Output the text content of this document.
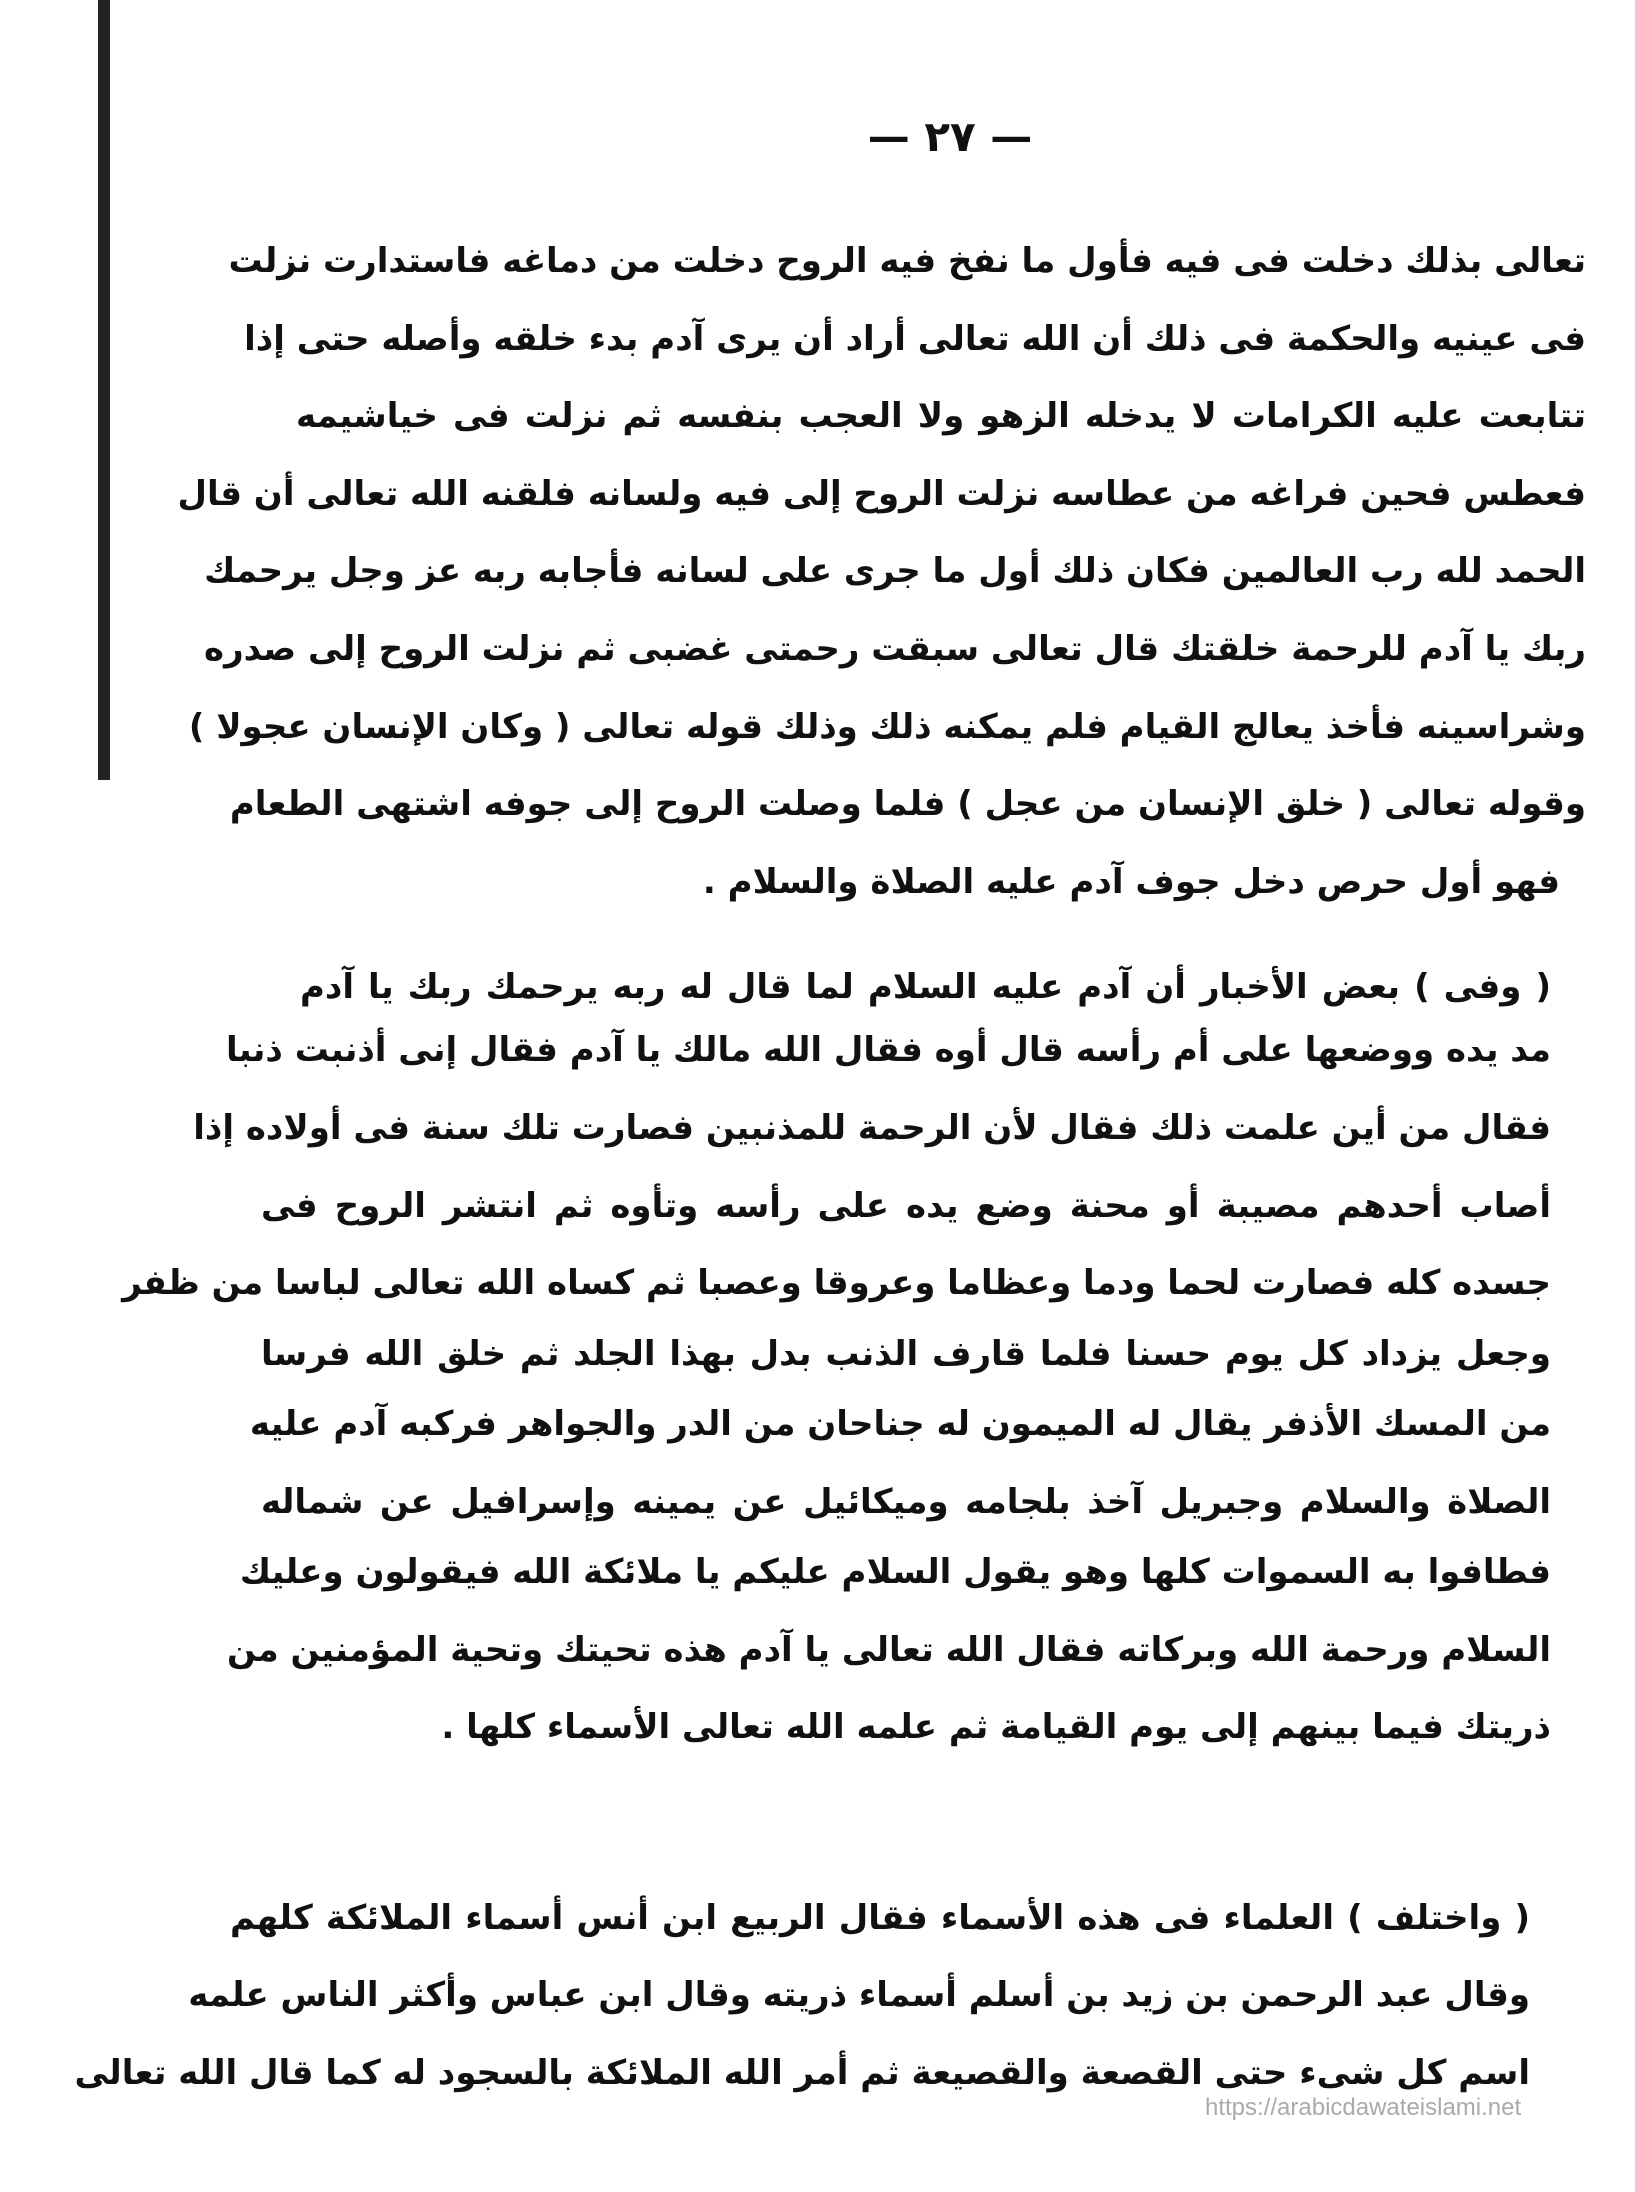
— ٢٧ —
تعالى بذلك دخلت فى فيه فأول ما نفخ فيه الروح دخلت من دماغه فاستدارت نزلت
فى عينيه والحكمة فى ذلك أن الله تعالى أراد أن يرى آدم بدء خلقه وأصله حتى إذا
تتابعت عليه الكرامات لا يدخله الزهو ولا العجب بنفسه ثم نزلت فى خياشيمه
فعطس فحين فراغه من عطاسه نزلت الروح إلى فيه ولسانه فلقنه الله تعالى أن قال
الحمد لله رب العالمين فكان ذلك أول ما جرى على لسانه فأجابه ربه عز وجل يرحمك
ربك يا آدم للرحمة خلقتك قال تعالى سبقت رحمتى غضبى ثم نزلت الروح إلى صدره
وشراسينه فأخذ يعالج القيام فلم يمكنه ذلك وذلك قوله تعالى ( وكان الإنسان عجولا )
وقوله تعالى ( خلق الإنسان من عجل ) فلما وصلت الروح إلى جوفه اشتهى الطعام
فهو أول حرص دخل جوف آدم عليه الصلاة والسلام .
( وفى ) بعض الأخبار أن آدم عليه السلام لما قال له ربه يرحمك ربك يا آدم
مد يده ووضعها على أم رأسه قال أوه فقال الله مالك يا آدم فقال إنى أذنبت ذنبا
فقال من أين علمت ذلك فقال لأن الرحمة للمذنبين فصارت تلك سنة فى أولاده إذا
أصاب أحدهم مصيبة أو محنة وضع يده على رأسه وتأوه ثم انتشر الروح فى
جسده كله فصارت لحما ودما وعظاما وعروقا وعصبا ثم كساه الله تعالى لباسا من ظفر
وجعل يزداد كل يوم حسنا فلما قارف الذنب بدل بهذا الجلد ثم خلق الله فرسا
من المسك الأذفر يقال له الميمون له جناحان من الدر والجواهر فركبه آدم عليه
الصلاة والسلام وجبريل آخذ بلجامه وميكائيل عن يمينه وإسرافيل عن شماله
فطافوا به السموات كلها وهو يقول السلام عليكم يا ملائكة الله فيقولون وعليك
السلام ورحمة الله وبركاته فقال الله تعالى يا آدم هذه تحيتك وتحية المؤمنين من
ذريتك فيما بينهم إلى يوم القيامة ثم علمه الله تعالى الأسماء كلها .
( واختلف ) العلماء فى هذه الأسماء فقال الربيع ابن أنس أسماء الملائكة كلهم
وقال عبد الرحمن بن زيد بن أسلم أسماء ذريته وقال ابن عباس وأكثر الناس علمه
اسم كل شىء حتى القصعة والقصيعة ثم أمر الله الملائكة بالسجود له كما قال الله تعالى
https://arabicdawateislami.net
